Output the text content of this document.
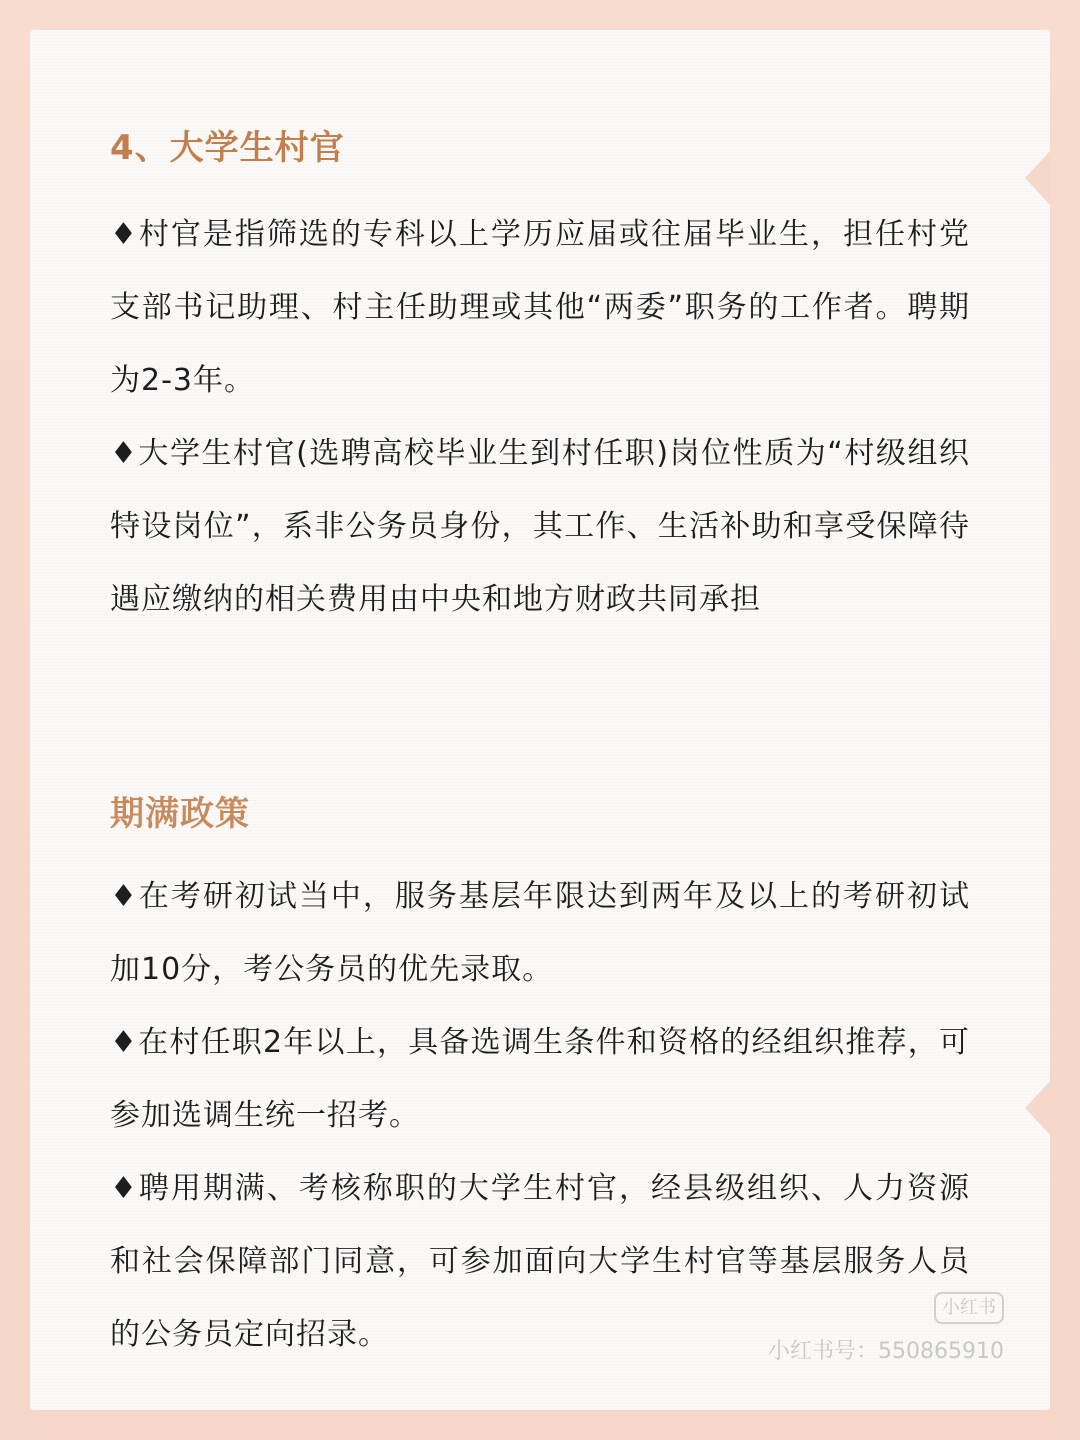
4、大学生村官

♦村官是指筛选的专科以上学历应届或往届毕业生，担任村党支部书记助理、村主任助理或其他“两委”职务的工作者。聘期为2-3年。

♦大学生村官(选聘高校毕业生到村任职)岗位性质为“村级组织特设岗位”，系非公务员身份，其工作、生活补助和享受保障待遇应缴纳的相关费用由中央和地方财政共同承担

期满政策

♦在考研初试当中，服务基层年限达到两年及以上的考研初试加10分，考公务员的优先录取。

♦在村任职2年以上，具备选调生条件和资格的经组织推荐，可参加选调生统一招考。

♦聘用期满、考核称职的大学生村官，经县级组织、人力资源和社会保障部门同意，可参加面向大学生村官等基层服务人员的公务员定向招录。

小红书
小红书号：550865910
